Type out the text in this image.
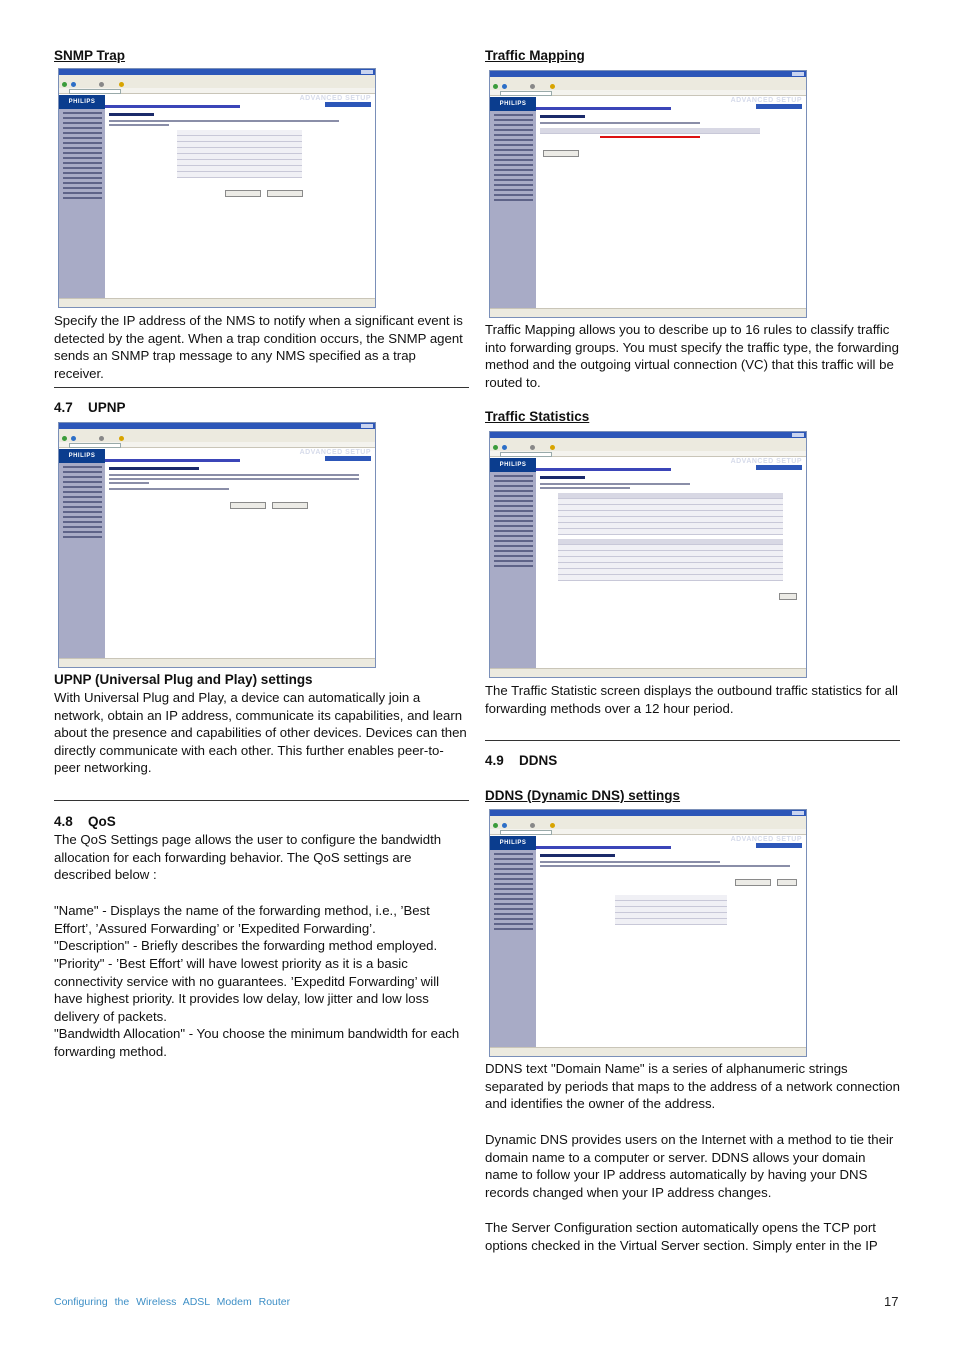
SNMP Trap
PHILIPS	ADVANCED SETUP

Specify the IP address of the NMS to notify when a significant event is detected by the agent. When a trap condition occurs, the SNMP agent sends an SNMP trap message to any NMS specified as a trap receiver.

4.7 UPNP
PHILIPS	ADVANCED SETUP
UPNP (Universal Plug and Play) settings

With Universal Plug and Play, a device can automatically join a network, obtain an IP address, communicate its capabilities, and learn about the presence and capabilities of other devices. Devices can then directly communicate with each other. This further enables peer-to-peer networking.

4.8 QoS

The QoS Settings page allows the user to configure the bandwidth allocation for each forwarding behavior. The QoS settings are described below :

"Name" - Displays the name of the forwarding method, i.e., ’Best Effort’, ’Assured Forwarding’ or ’Expedited Forwarding’.

"Description" - Briefly describes the forwarding method employed.

"Priority" - ’Best Effort’ will have lowest priority as it is a basic connectivity service with no guarantees. ’Expeditd Forwarding’ will have highest priority. It provides low delay, low jitter and low loss delivery of packets.

"Bandwidth Allocation" - You choose the minimum bandwidth for each forwarding method.

Traffic Mapping
PHILIPS	ADVANCED SETUP

Traffic Mapping allows you to describe up to 16 rules to classify traffic into forwarding groups. You must specify the traffic type, the forwarding method and the outgoing virtual connection (VC) that this traffic will be routed to.

Traffic Statistics
PHILIPS	ADVANCED SETUP

The Traffic Statistic screen displays the outbound traffic statistics for all forwarding methods over a 12 hour period.

4.9 DDNS
DDNS (Dynamic DNS) settings
PHILIPS	ADVANCED SETUP

DDNS text "Domain Name" is a series of alphanumeric strings separated by periods that maps to the address of a network connection and identifies the owner of the address.

Dynamic DNS provides users on the Internet with a method to tie their domain name to a computer or server. DDNS allows your domain name to follow your IP address automatically by having your DNS records changed when your IP address changes.

The Server Configuration section automatically opens the TCP port options checked in the Virtual Server section. Simply enter in the IP

Configuring the Wireless ADSL Modem Router	17
